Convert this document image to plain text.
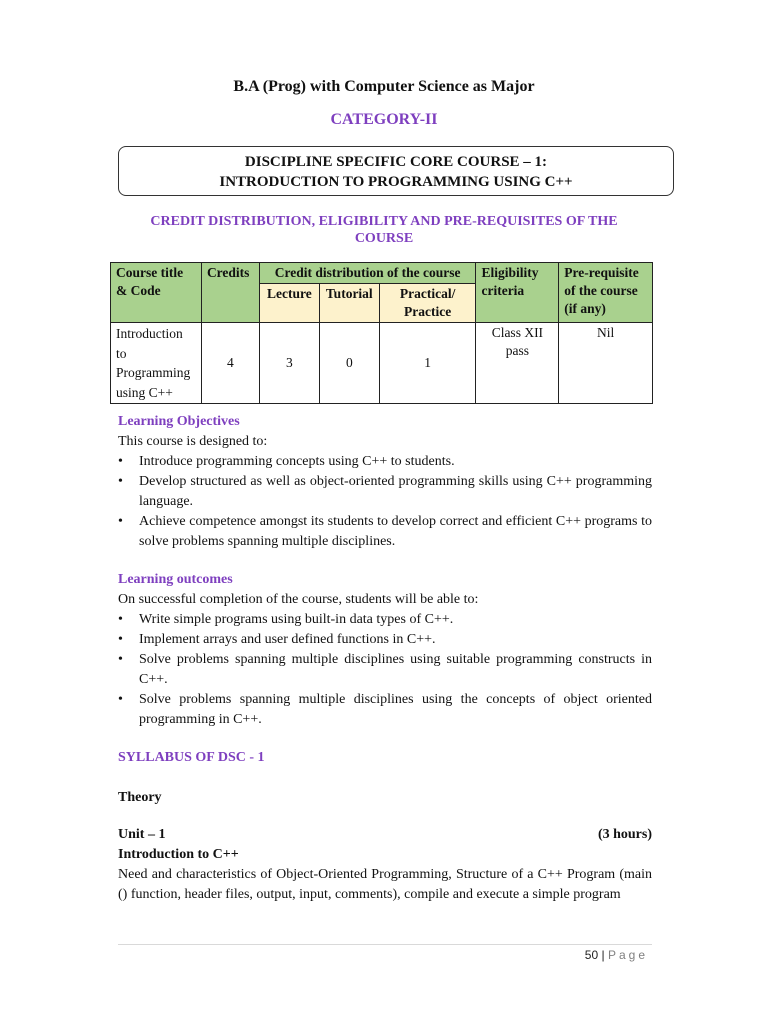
B.A (Prog) with Computer Science as Major
CATEGORY-II
DISCIPLINE SPECIFIC CORE COURSE – 1:
INTRODUCTION TO PROGRAMMING USING C++
CREDIT DISTRIBUTION, ELIGIBILITY AND PRE-REQUISITES OF THE
COURSE
Course title & Code	Credits	Credit distribution of the course			Eligibility criteria	Pre-requisite of the course (if any)
		Lecture	Tutorial	Practical/ Practice		
Introduction to Programming using C++	4	3	0	1	Class XII pass	Nil
Learning Objectives
This course is designed to:
• Introduce programming concepts using C++ to students.
• Develop structured as well as object-oriented programming skills using C++ programming language.
• Achieve competence amongst its students to develop correct and efficient C++ programs to solve problems spanning multiple disciplines.
Learning outcomes
On successful completion of the course, students will be able to:
• Write simple programs using built-in data types of C++.
• Implement arrays and user defined functions in C++.
• Solve problems spanning multiple disciplines using suitable programming constructs in C++.
• Solve problems spanning multiple disciplines using the concepts of object oriented programming in C++.
SYLLABUS OF DSC - 1
Theory
Unit – 1	(3 hours)
Introduction to C++
Need and characteristics of Object-Oriented Programming, Structure of a C++ Program (main () function, header files, output, input, comments), compile and execute a simple program
50 | Page
